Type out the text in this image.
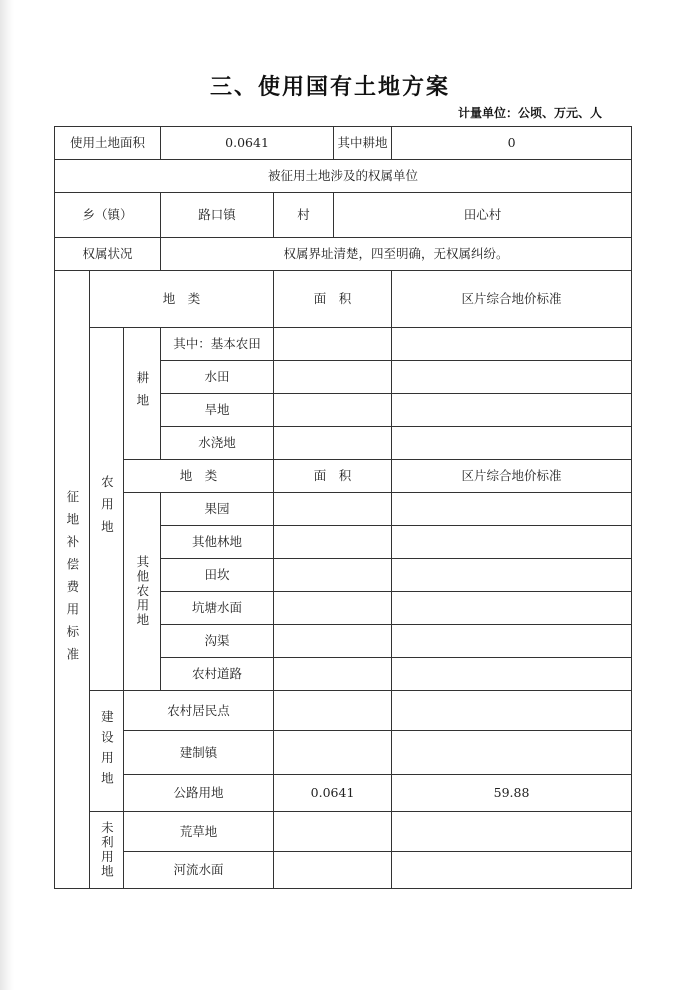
三、使用国有土地方案
计量单位：公顷、万元、人
使用土地面积			0.0641		其中耕地	0
被征用土地涉及的权属单位						
乡（镇）			路口镇	村	田心村	
权属状况			权属界址清楚，四至明确，无权属纠纷。			
征地补偿费用标准	地　类			面　积		区片综合地价标准
	农用地	耕地	其中：基本农田			
			水田			
			旱地			
			水浇地			
		地　类		面　积		区片综合地价标准
		其他农用地	果园			
			其他林地			
			田坎			
			坑塘水面			
			沟渠			
			农村道路			
	建设用地	农村居民点				
		建制镇				
		公路用地		0.0641		59.88
	未利用地	荒草地				
		河流水面				
